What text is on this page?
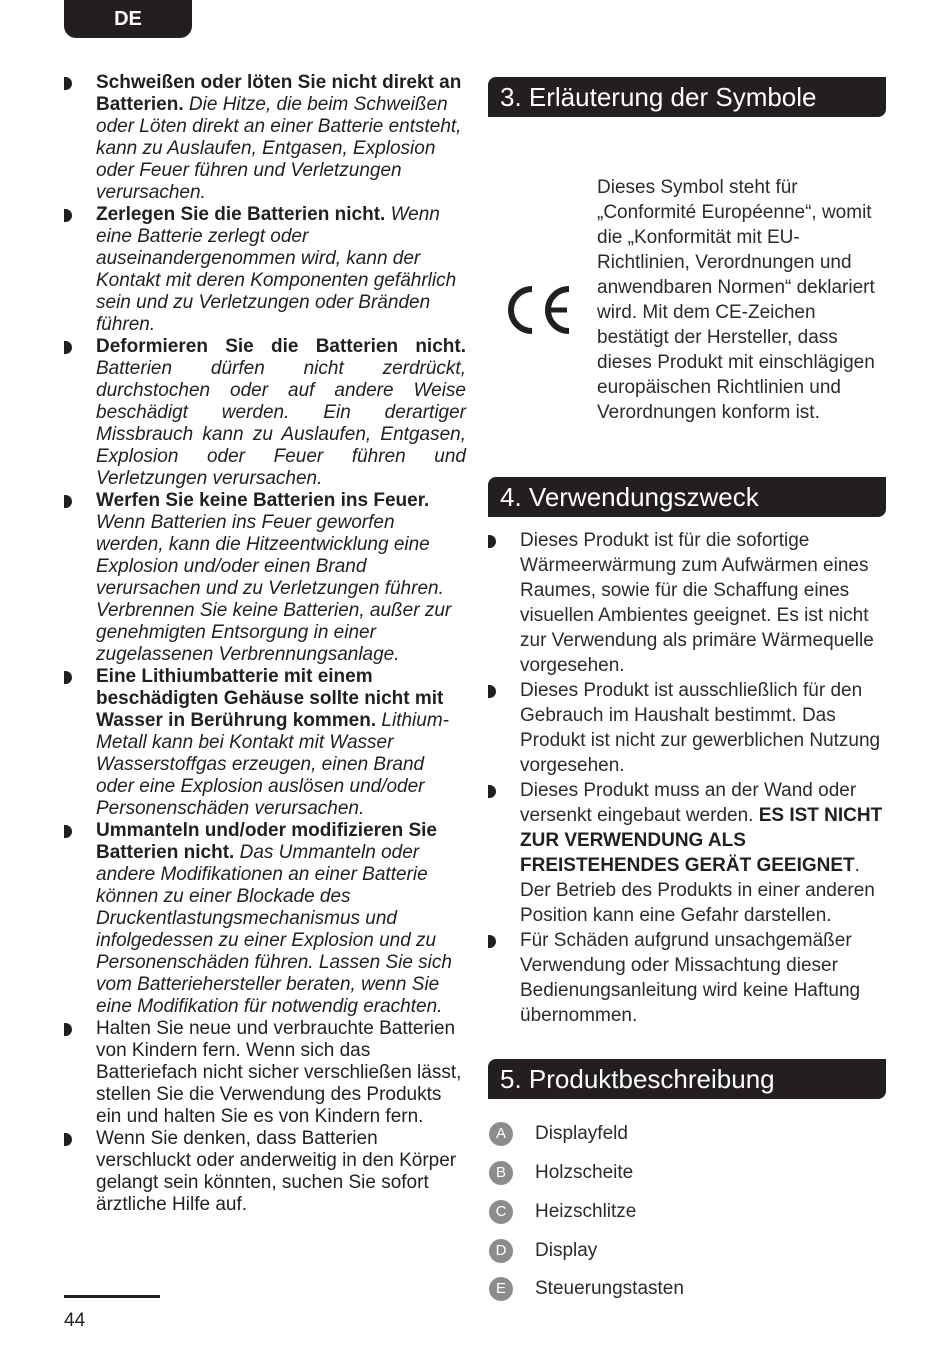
DE
Schweißen oder löten Sie nicht direkt an Batterien. Die Hitze, die beim Schweißen oder Löten direkt an einer Batterie entsteht, kann zu Auslaufen, Entgasen, Explosion oder Feuer führen und Verletzungen verursachen.
Zerlegen Sie die Batterien nicht. Wenn eine Batterie zerlegt oder auseinandergenommen wird, kann der Kontakt mit deren Komponenten gefährlich sein und zu Verletzungen oder Bränden führen.
Deformieren Sie die Batterien nicht. Batterien dürfen nicht zerdrückt, durchstochen oder auf andere Weise beschädigt werden. Ein derartiger Missbrauch kann zu Auslaufen, Entgasen, Explosion oder Feuer führen und Verletzungen verursachen.
Werfen Sie keine Batterien ins Feuer. Wenn Batterien ins Feuer geworfen werden, kann die Hitzeentwicklung eine Explosion und/oder einen Brand verursachen und zu Verletzungen führen. Verbrennen Sie keine Batterien, außer zur genehmigten Entsorgung in einer zugelassenen Verbrennungsanlage.
Eine Lithiumbatterie mit einem beschädigten Gehäuse sollte nicht mit Wasser in Berührung kommen. Lithium-Metall kann bei Kontakt mit Wasser Wasserstoffgas erzeugen, einen Brand oder eine Explosion auslösen und/oder Personenschäden verursachen.
Ummanteln und/oder modifizieren Sie Batterien nicht. Das Ummanteln oder andere Modifikationen an einer Batterie können zu einer Blockade des Druckentlastungsmechanismus und infolgedessen zu einer Explosion und zu Personenschäden führen. Lassen Sie sich vom Batteriehersteller beraten, wenn Sie eine Modifikation für notwendig erachten.
Halten Sie neue und verbrauchte Batterien von Kindern fern. Wenn sich das Batteriefach nicht sicher verschließen lässt, stellen Sie die Verwendung des Produkts ein und halten Sie es von Kindern fern.
Wenn Sie denken, dass Batterien verschluckt oder anderweitig in den Körper gelangt sein könnten, suchen Sie sofort ärztliche Hilfe auf.
3. Erläuterung der Symbole
Dieses Symbol steht für „Conformité Européenne“, womit die „Konformität mit EU-Richtlinien, Verordnungen und anwendbaren Normen“ deklariert wird. Mit dem CE-Zeichen bestätigt der Hersteller, dass dieses Produkt mit einschlägigen europäischen Richtlinien und Verordnungen konform ist.
4. Verwendungszweck
Dieses Produkt ist für die sofortige Wärmeerwärmung zum Aufwärmen eines Raumes, sowie für die Schaffung eines visuellen Ambientes geeignet. Es ist nicht zur Verwendung als primäre Wärmequelle vorgesehen.
Dieses Produkt ist ausschließlich für den Gebrauch im Haushalt bestimmt. Das Produkt ist nicht zur gewerblichen Nutzung vorgesehen.
Dieses Produkt muss an der Wand oder versenkt eingebaut werden. ES IST NICHT ZUR VERWENDUNG ALS FREISTEHENDES GERÄT GEEIGNET. Der Betrieb des Produkts in einer anderen Position kann eine Gefahr darstellen.
Für Schäden aufgrund unsachgemäßer Verwendung oder Missachtung dieser Bedienungsanleitung wird keine Haftung übernommen.
5. Produktbeschreibung
A	Displayfeld
B	Holzscheite
C	Heizschlitze
D	Display
E	Steuerungstasten
44
